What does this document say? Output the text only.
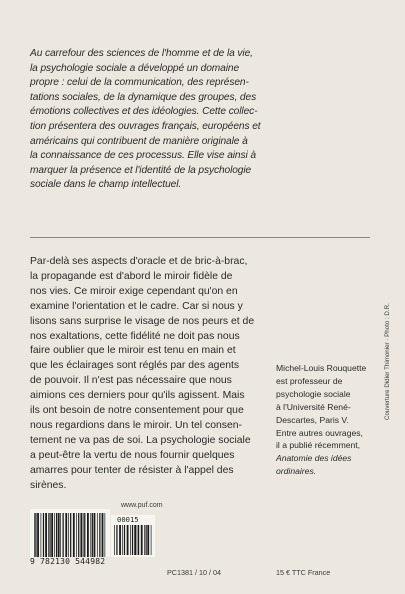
Au carrefour des sciences de l'homme et de la vie,
la psychologie sociale a développé un domaine
propre : celui de la communication, des représen-
tations sociales, de la dynamique des groupes, des
émotions collectives et des idéologies. Cette collec-
tion présentera des ouvrages français, européens et
américains qui contribuent de manière originale à
la connaissance de ces processus. Elle vise ainsi à
marquer la présence et l'identité de la psychologie
sociale dans le champ intellectuel.
Par-delà ses aspects d'oracle et de bric-à-brac,
la propagande est d'abord le miroir fidèle de
nos vies. Ce miroir exige cependant qu'on en
examine l'orientation et le cadre. Car si nous y
lisons sans surprise le visage de nos peurs et de
nos exaltations, cette fidélité ne doit pas nous
faire oublier que le miroir est tenu en main et
que les éclairages sont réglés par des agents
de pouvoir. Il n'est pas nécessaire que nous
aimions ces derniers pour qu'ils agissent. Mais
ils ont besoin de notre consentement pour que
nous regardions dans le miroir. Un tel consen-
tement ne va pas de soi. La psychologie sociale
a peut-être la vertu de nous fournir quelques
amarres pour tenter de résister à l'appel des
sirènes.
Michel-Louis Rouquette
est professeur de
psychologie sociale
à l'Université René-
Descartes, Paris V.
Entre autres ouvrages,
il a publié récemment,
Anatomie des idées
ordinaires.
Couverture Didier Thimonier · Photo : D.R.
www.puf.com
9 782130 544982
00015
PC1381 / 10 / 04	15 € TTC France
